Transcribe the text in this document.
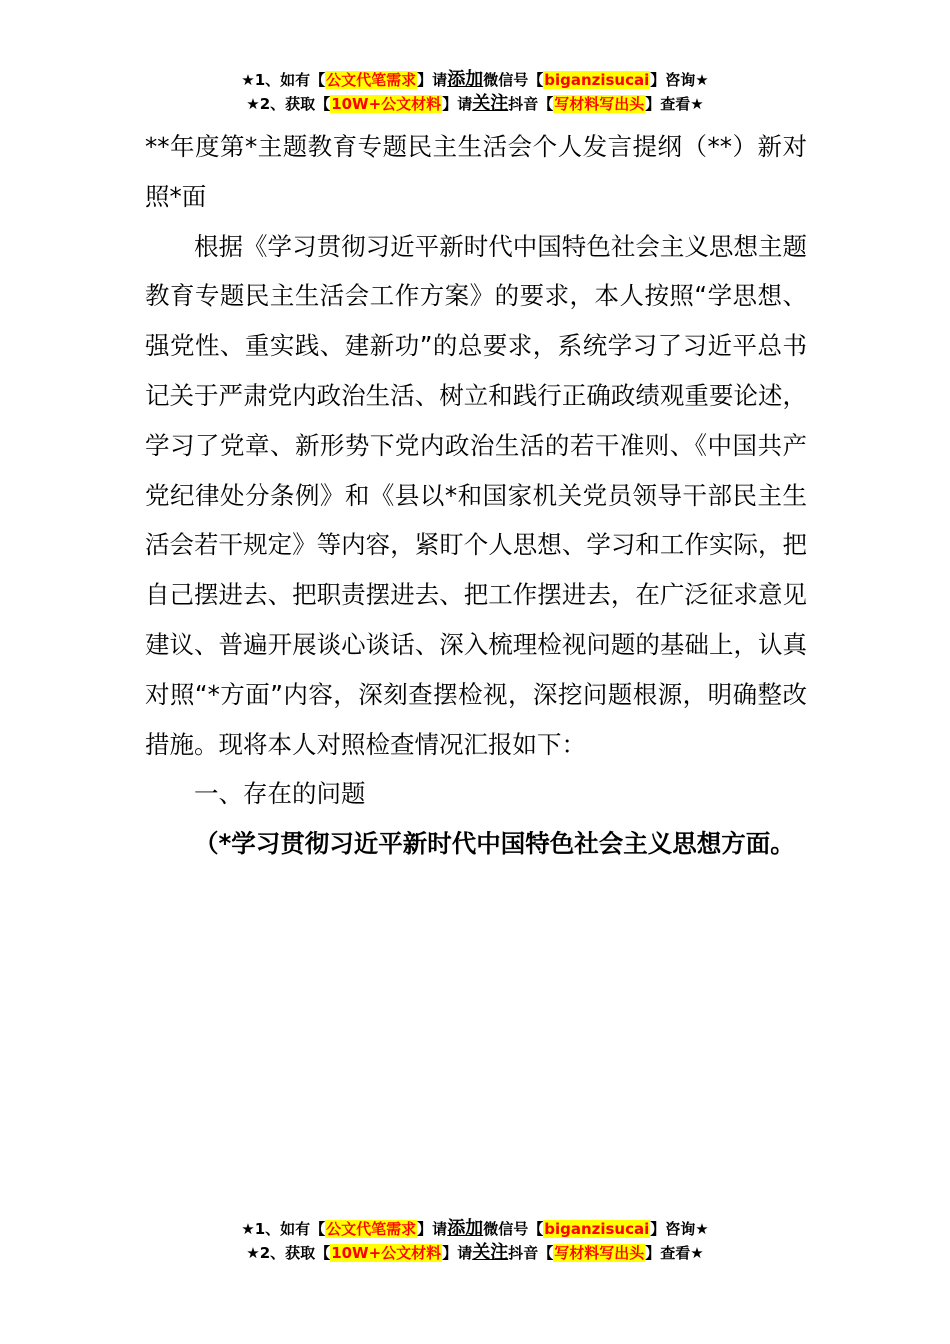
★1、如有【公文代笔需求】请添加微信号【biganzisucai】咨询★
★2、获取【10W+公文材料】请关注抖音【写材料写出头】查看★

**年度第*主题教育专题民主生活会个人发言提纲（**）新对照*面

根据《学习贯彻习近平新时代中国特色社会主义思想主题教育专题民主生活会工作方案》的要求，本人按照“学思想、强党性、重实践、建新功”的总要求，系统学习了习近平总书记关于严肃党内政治生活、树立和践行正确政绩观重要论述，学习了党章、新形势下党内政治生活的若干准则、《中国共产党纪律处分条例》和《县以*和国家机关党员领导干部民主生活会若干规定》等内容，紧盯个人思想、学习和工作实际，把自己摆进去、把职责摆进去、把工作摆进去，在广泛征求意见建议、普遍开展谈心谈话、深入梳理检视问题的基础上，认真对照“*方面”内容，深刻查摆检视，深挖问题根源，明确整改措施。现将本人对照检查情况汇报如下：

一、存在的问题

（*学习贯彻习近平新时代中国特色社会主义思想方面。

★1、如有【公文代笔需求】请添加微信号【biganzisucai】咨询★
★2、获取【10W+公文材料】请关注抖音【写材料写出头】查看★
